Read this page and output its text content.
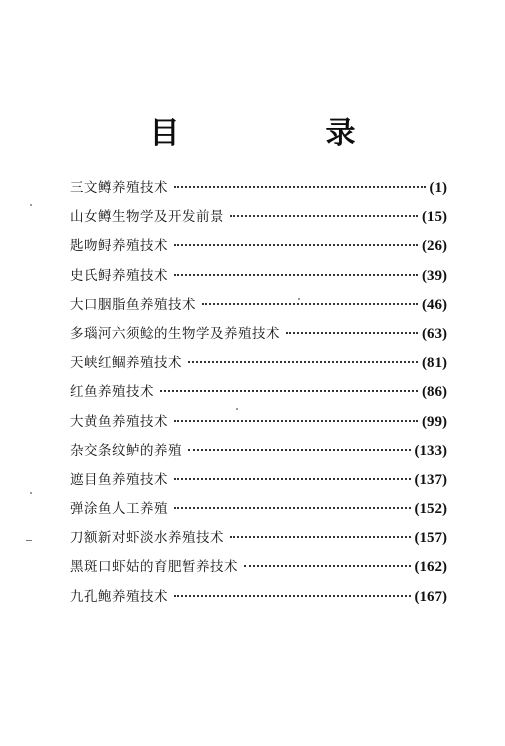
目　录
三文鳟养殖技术	(1)
山女鳟生物学及开发前景	(15)
匙吻鲟养殖技术	(26)
史氏鲟养殖技术	(39)
大口胭脂鱼养殖技术	(46)
多瑙河六须鲶的生物学及养殖技术	(63)
天峡红鲴养殖技术	(81)
红鱼养殖技术	(86)
大黄鱼养殖技术	(99)
杂交条纹鲈的养殖	(133)
遮目鱼养殖技术	(137)
弹涂鱼人工养殖	(152)
刀额新对虾淡水养殖技术	(157)
黑斑口虾姑的育肥暂养技术	(162)
九孔鲍养殖技术	(167)
